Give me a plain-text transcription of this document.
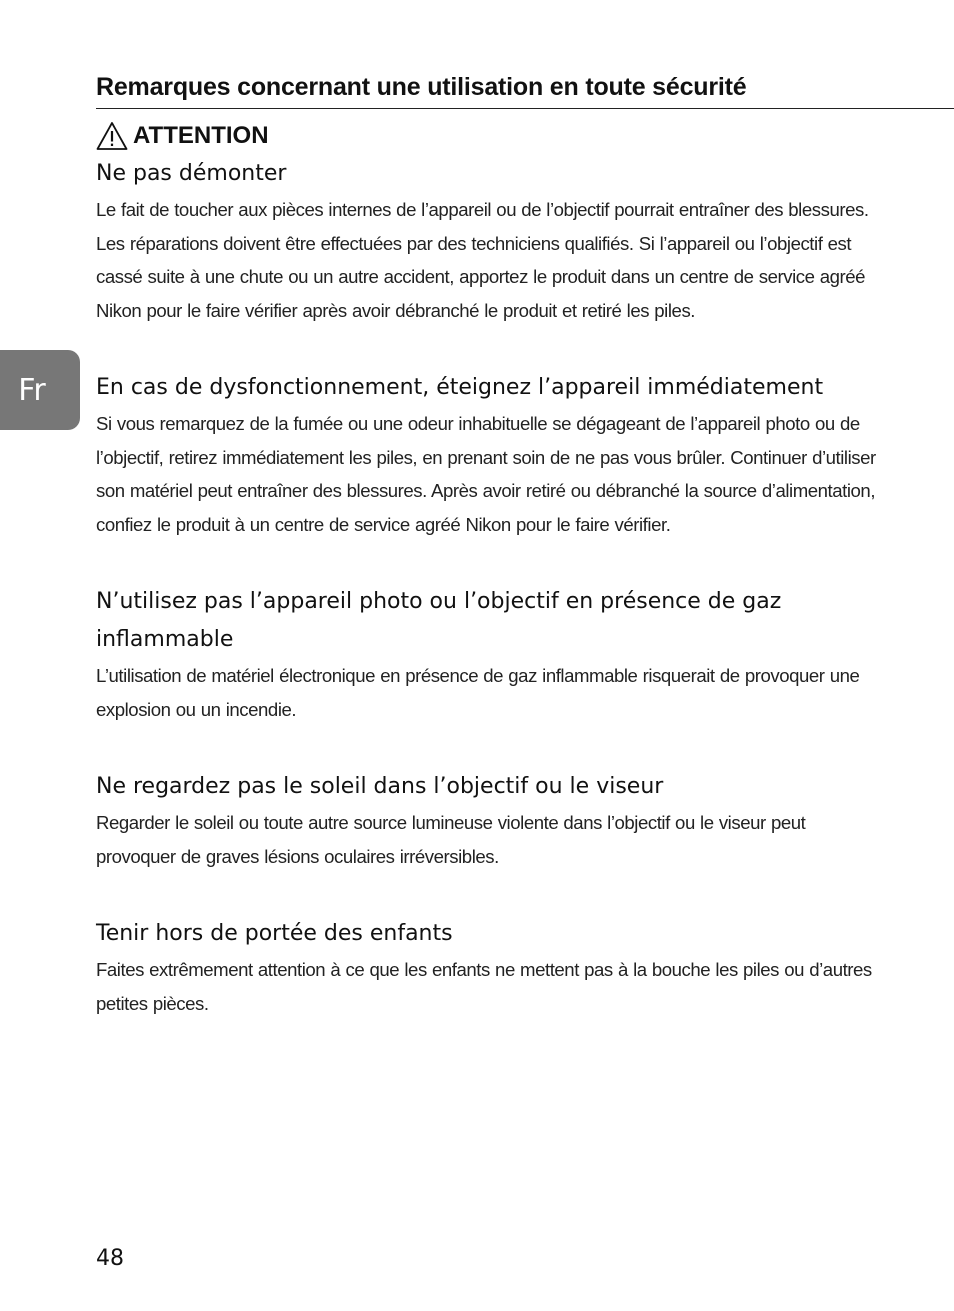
Remarques concernant une utilisation en toute sécurité
ATTENTION
Fr
Ne pas démonter

Le fait de toucher aux pièces internes de l’appareil ou de l’objectif pourrait entraîner des blessures. Les réparations doivent être effectuées par des techniciens qualifiés. Si l’appareil ou l’objectif est cassé suite à une chute ou un autre accident, apportez le produit dans un centre de service agréé Nikon pour le faire vérifier après avoir débranché le produit et retiré les piles.

En cas de dysfonctionnement, éteignez l’appareil immédiatement

Si vous remarquez de la fumée ou une odeur inhabituelle se dégageant de l’appareil photo ou de l’objectif, retirez immédiatement les piles, en prenant soin de ne pas vous brûler. Continuer d’utiliser son matériel peut entraîner des blessures. Après avoir retiré ou débranché la source d’alimentation, confiez le produit à un centre de service agréé Nikon pour le faire vérifier.

N’utilisez pas l’appareil photo ou l’objectif en présence de gaz inflammable

L’utilisation de matériel électronique en présence de gaz inflammable risquerait de provoquer une explosion ou un incendie.

Ne regardez pas le soleil dans l’objectif ou le viseur

Regarder le soleil ou toute autre source lumineuse violente dans l’objectif ou le viseur peut provoquer de graves lésions oculaires irréversibles.

Tenir hors de portée des enfants

Faites extrêmement attention à ce que les enfants ne mettent pas à la bouche les piles ou d’autres petites pièces.

48
